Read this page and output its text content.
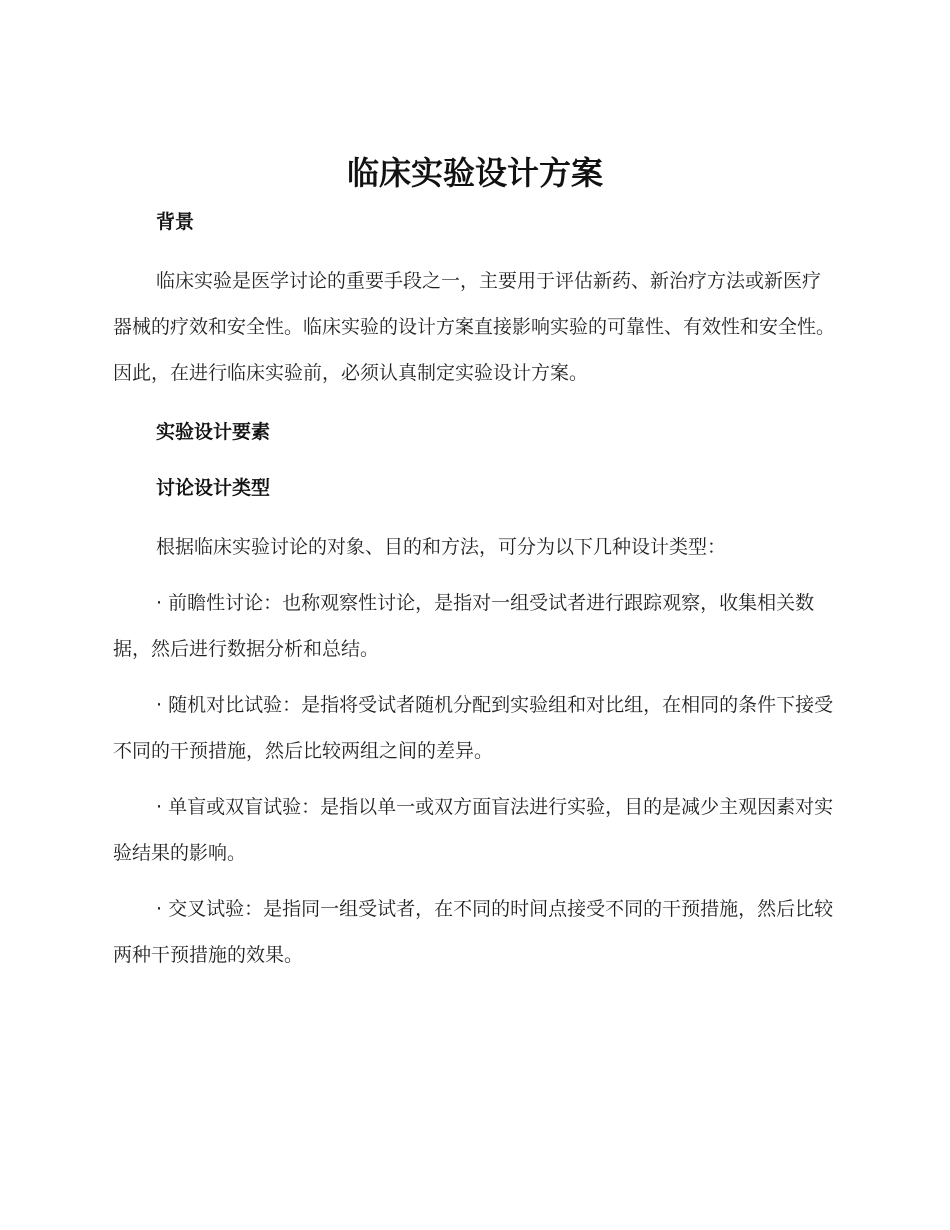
临床实验设计方案
背景

临床实验是医学讨论的重要手段之一，主要用于评估新药、新治疗方法或新医疗器械的疗效和安全性。临床实验的设计方案直接影响实验的可靠性、有效性和安全性。因此，在进行临床实验前，必须认真制定实验设计方案。

实验设计要素
讨论设计类型

根据临床实验讨论的对象、目的和方法，可分为以下几种设计类型：

· 前瞻性讨论：也称观察性讨论，是指对一组受试者进行跟踪观察，收集相关数据，然后进行数据分析和总结。

· 随机对比试验：是指将受试者随机分配到实验组和对比组，在相同的条件下接受不同的干预措施，然后比较两组之间的差异。

· 单盲或双盲试验：是指以单一或双方面盲法进行实验，目的是减少主观因素对实验结果的影响。

· 交叉试验：是指同一组受试者，在不同的时间点接受不同的干预措施，然后比较两种干预措施的效果。
